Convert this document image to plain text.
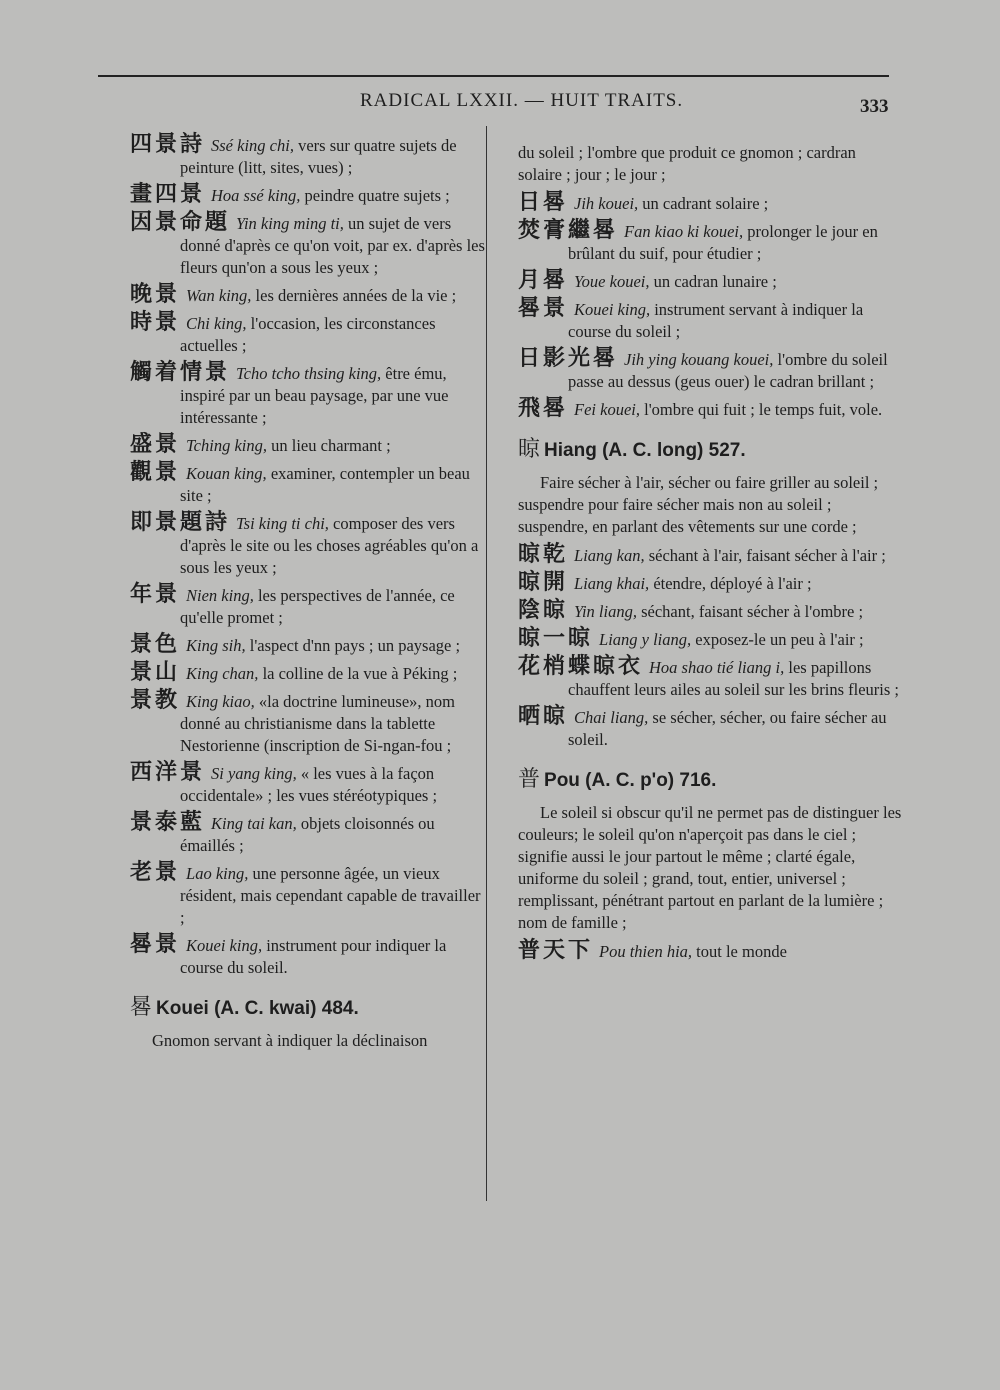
RADICAL LXXII. — HUIT TRAITS.	333
四景詩 Ssé king chi, vers sur quatre sujets de peinture (litt, sites, vues) ;
畫四景 Hoa ssé king, peindre quatre sujets ;
因景命題 Yin king ming ti, un sujet de vers donné d'après ce qu'on voit, par ex. d'après les fleurs qun'on a sous les yeux ;
晚景 Wan king, les dernières années de la vie ;
時景 Chi king, l'occasion, les circonstances actuelles ;
觸着情景 Tcho tcho thsing king, être ému, inspiré par un beau paysage, par une vue intéressante ;
盛景 Tching king, un lieu charmant ;
觀景 Kouan king, examiner, contempler un beau site ;
即景題詩 Tsi king ti chi, composer des vers d'après le site ou les choses agréables qu'on a sous les yeux ;
年景 Nien king, les perspectives de l'année, ce qu'elle promet ;
景色 King sih, l'aspect d'nn pays ; un paysage ;
景山 King chan, la colline de la vue à Péking ;
景教 King kiao, «la doctrine lumineuse», nom donné au christianisme dans la tablette Nestorienne (inscription de Si-ngan-fou ;
西洋景 Si yang king, « les vues à la façon occidentale» ; les vues stéréotypiques ;
景泰藍 King tai kan, objets cloisonnés ou émaillés ;
老景 Lao king, une personne âgée, un vieux résident, mais cependant capable de travailler ;
晷景 Kouei king, instrument pour indiquer la course du soleil.
晷 Kouei (A. C. kwai) 484.
Gnomon servant à indiquer la déclinaison
du soleil ; l'ombre que produit ce gnomon ; cardran solaire ; jour ; le jour ;
日晷 Jih kouei, un cadrant solaire ;
焚膏繼晷 Fan kiao ki kouei, prolonger le jour en brûlant du suif, pour étudier ;
月晷 Youe kouei, un cadran lunaire ;
晷景 Kouei king, instrument servant à indiquer la course du soleil ;
日影光晷 Jih ying kouang kouei, l'ombre du soleil passe au dessus (geus ouer) le cadran brillant ;
飛晷 Fei kouei, l'ombre qui fuit ; le temps fuit, vole.
晾 Hiang (A. C. long) 527.
Faire sécher à l'air, sécher ou faire griller au soleil ; suspendre pour faire sécher mais non au soleil ; suspendre, en parlant des vêtements sur une corde ;
晾乾 Liang kan, séchant à l'air, faisant sécher à l'air ;
晾開 Liang khai, étendre, déployé à l'air ;
陰晾 Yin liang, séchant, faisant sécher à l'ombre ;
晾一晾 Liang y liang, exposez-le un peu à l'air ;
花梢蝶晾衣 Hoa shao tié liang i, les papillons chauffent leurs ailes au soleil sur les brins fleuris ;
晒晾 Chai liang, se sécher, sécher, ou faire sécher au soleil.
普 Pou (A. C. p'o) 716.
Le soleil si obscur qu'il ne permet pas de distinguer les couleurs; le soleil qu'on n'aperçoit pas dans le ciel ; signifie aussi le jour partout le même ; clarté égale, uniforme du soleil ; grand, tout, entier, universel ; remplissant, pénétrant partout en parlant de la lumière ; nom de famille ;
普天下 Pou thien hia, tout le monde
